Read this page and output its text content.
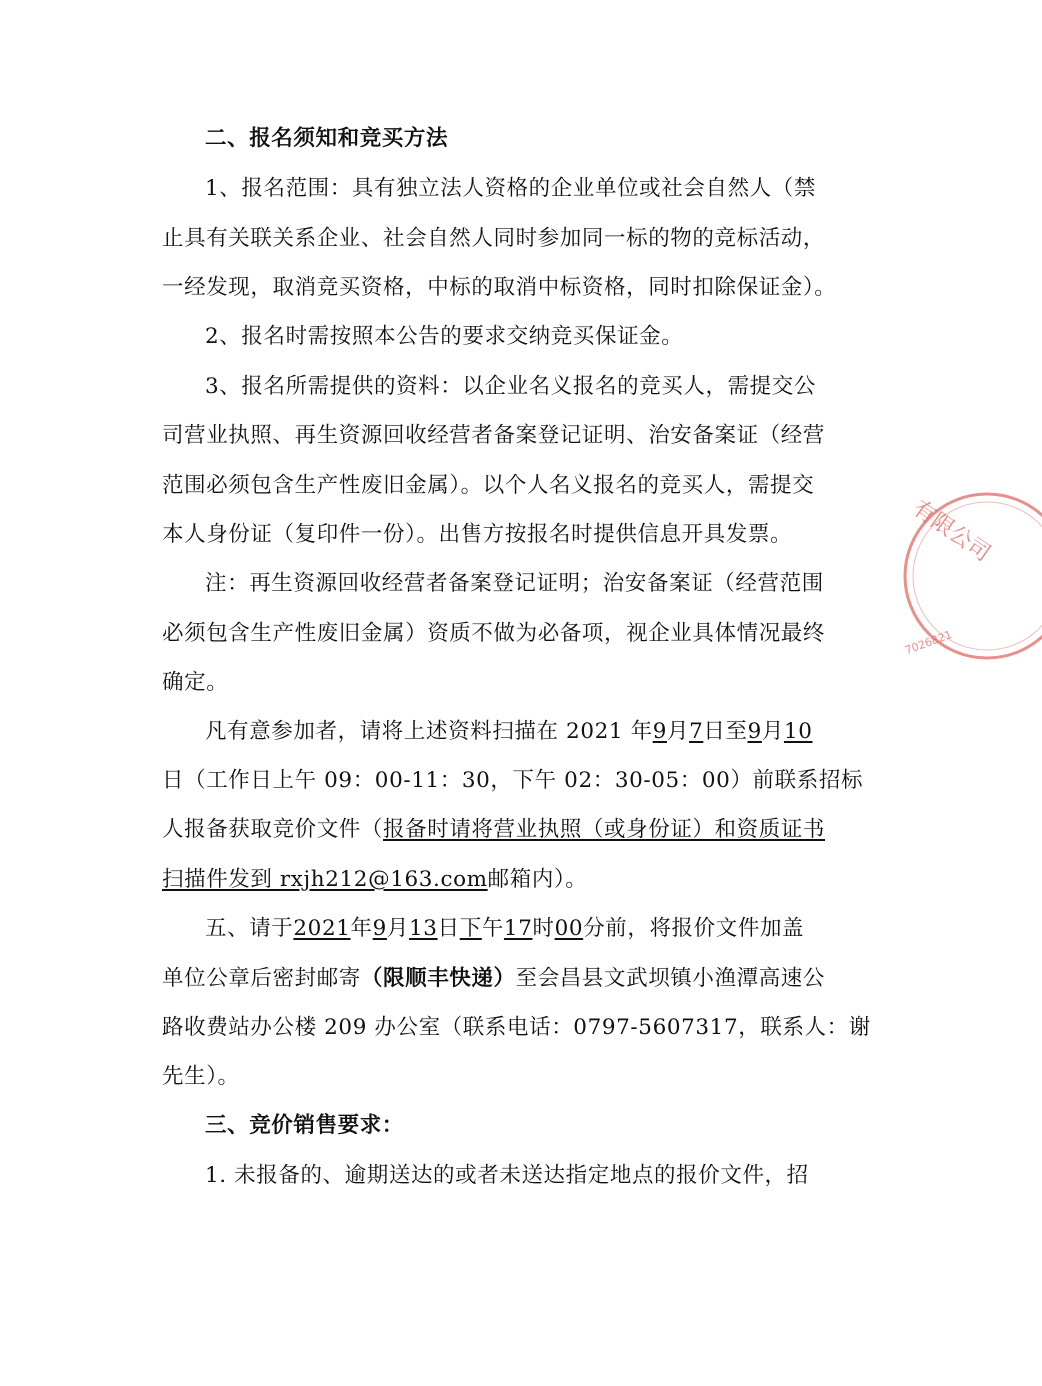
二、报名须知和竞买方法
1、报名范围：具有独立法人资格的企业单位或社会自然人（禁
止具有关联关系企业、社会自然人同时参加同一标的物的竞标活动，
一经发现，取消竞买资格，中标的取消中标资格，同时扣除保证金）。
2、报名时需按照本公告的要求交纳竞买保证金。
3、报名所需提供的资料：以企业名义报名的竞买人，需提交公
司营业执照、再生资源回收经营者备案登记证明、治安备案证（经营
范围必须包含生产性废旧金属）。以个人名义报名的竞买人，需提交
本人身份证（复印件一份）。出售方按报名时提供信息开具发票。
注：再生资源回收经营者备案登记证明；治安备案证（经营范围
必须包含生产性废旧金属）资质不做为必备项，视企业具体情况最终
确定。
凡有意参加者，请将上述资料扫描在 2021 年9月7日至9月10
日（工作日上午 09：00-11：30，下午 02：30-05：00）前联系招标
人报备获取竞价文件（报备时请将营业执照（或身份证）和资质证书
扫描件发到 rxjh212@163.com邮箱内）。
五、请于2021年9月13日下午17时00分前，将报价文件加盖
单位公章后密封邮寄（限顺丰快递）至会昌县文武坝镇小渔潭高速公
路收费站办公楼 209 办公室（联系电话：0797-5607317，联系人：谢
先生）。
三、竞价销售要求：
1. 未报备的、逾期送达的或者未送达指定地点的报价文件，招
有限公司
7026821
